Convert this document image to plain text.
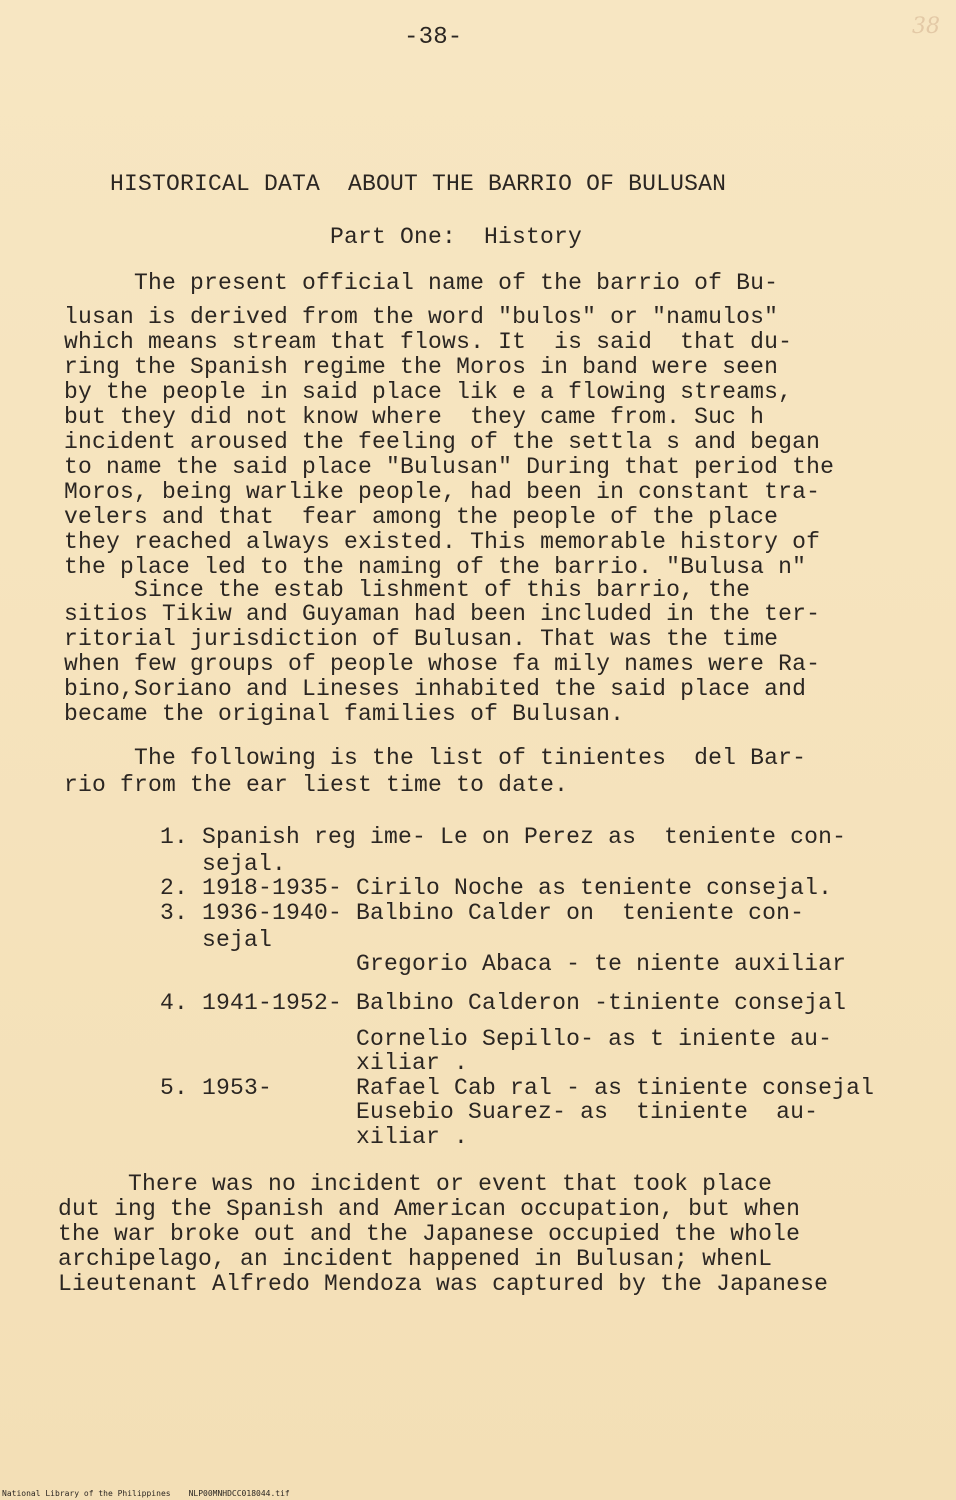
-38-	38
HISTORICAL DATA  ABOUT THE BARRIO OF BULUSAN
Part One:  History
The present official name of the barrio of Bu-
lusan is derived from the word "bulos" or "namulos"
which means stream that flows. It  is said  that du-
ring the Spanish regime the Moros in band were seen
by the people in said place lik e a flowing streams,
but they did not know where  they came from. Suc h
incident aroused the feeling of the settla s and began
to name the said place "Bulusan" During that period the
Moros, being warlike people, had been in constant tra-
velers and that  fear among the people of the place
they reached always existed. This memorable history of
the place led to the naming of the barrio. "Bulusa n"
Since the estab lishment of this barrio, the
sitios Tikiw and Guyaman had been included in the ter-
ritorial jurisdiction of Bulusan. That was the time
when few groups of people whose fa mily names were Ra-
bino,Soriano and Lineses inhabited the said place and
became the original families of Bulusan.
The following is the list of tinientes  del Bar-
rio from the ear liest time to date.
1. Spanish reg ime- Le on Perez as  teniente con-
sejal.
2. 1918-1935- Cirilo Noche as teniente consejal.
3. 1936-1940- Balbino Calder on  teniente con-
sejal
Gregorio Abaca - te niente auxiliar
4. 1941-1952- Balbino Calderon -tiniente consejal
Cornelio Sepillo- as t iniente au-
xiliar .
5. 1953-      Rafael Cab ral - as tiniente consejal
Eusebio Suarez- as  tiniente  au-
xiliar .
There was no incident or event that took place
dut ing the Spanish and American occupation, but when
the war broke out and the Japanese occupied the whole
archipelago, an incident happened in Bulusan; whenL
Lieutenant Alfredo Mendoza was captured by the Japanese
National Library of the Philippines NLP00MNHDCC018044.tif
